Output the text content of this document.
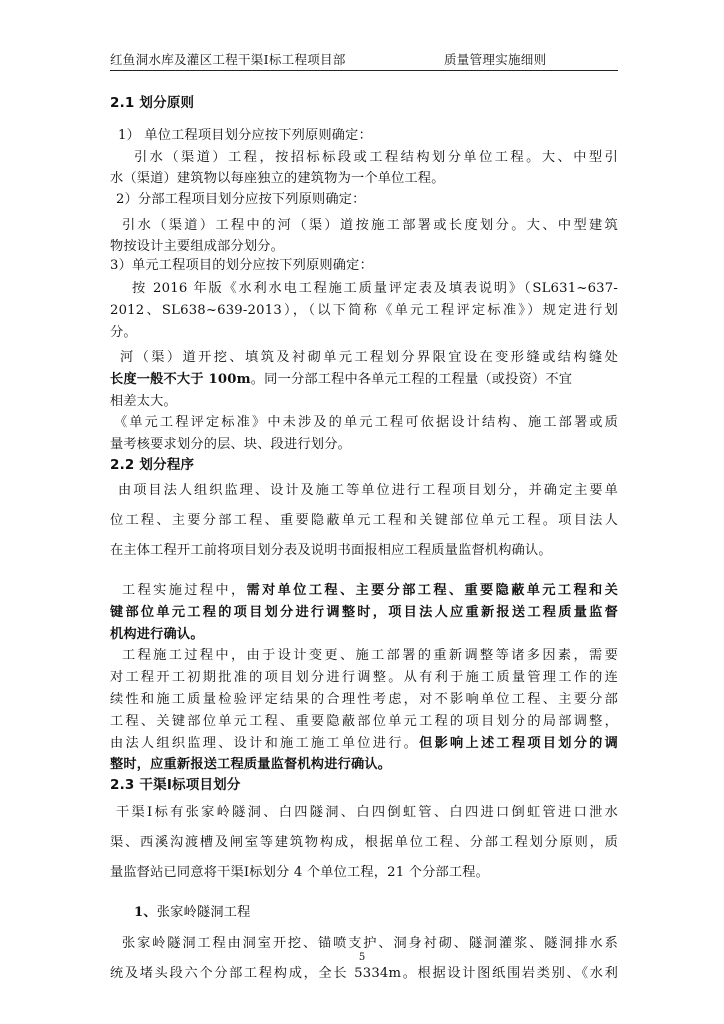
红鱼洞水库及灌区工程干渠Ⅰ标工程项目部	质量管理实施细则
2.1 划分原则
1） 单位工程项目划分应按下列原则确定：
引水（渠道）工程，按招标标段或工程结构划分单位工程。大、中型引
水（渠道）建筑物以每座独立的建筑物为一个单位工程。
2）分部工程项目划分应按下列原则确定：
引水（渠道）工程中的河（渠）道按施工部署或长度划分。大、中型建筑
物按设计主要组成部分划分。
3）单元工程项目的划分应按下列原则确定：
按 2016 年版《水利水电工程施工质量评定表及填表说明》（SL631~637-
2012、SL638~639-2013），（以下简称《单元工程评定标准》）规定进行划
分。
河（渠）道开挖、填筑及衬砌单元工程划分界限宜设在变形缝或结构缝处
长度一般不大于 100m。同一分部工程中各单元工程的工程量（或投资）不宜
相差太大。
《单元工程评定标准》中未涉及的单元工程可依据设计结构、施工部署或质
量考核要求划分的层、块、段进行划分。
2.2 划分程序
由项目法人组织监理、设计及施工等单位进行工程项目划分，并确定主要单
位工程、主要分部工程、重要隐蔽单元工程和关键部位单元工程。项目法人
在主体工程开工前将项目划分表及说明书面报相应工程质量监督机构确认。
工程实施过程中，需对单位工程、主要分部工程、重要隐蔽单元工程和关
键部位单元工程的项目划分进行调整时，项目法人应重新报送工程质量监督
机构进行确认。
工程施工过程中，由于设计变更、施工部署的重新调整等诸多因素，需要
对工程开工初期批准的项目划分进行调整。从有利于施工质量管理工作的连
续性和施工质量检验评定结果的合理性考虑，对不影响单位工程、主要分部
工程、关键部位单元工程、重要隐蔽部位单元工程的项目划分的局部调整，
由法人组织监理、设计和施工施工单位进行。但影响上述工程项目划分的调
整时，应重新报送工程质量监督机构进行确认。
2.3 干渠Ⅰ标项目划分
干渠Ⅰ标有张家岭隧洞、白四隧洞、白四倒虹管、白四进口倒虹管进口泄水
渠、西溪沟渡槽及闸室等建筑物构成，根据单位工程、分部工程划分原则，质
量监督站已同意将干渠Ⅰ标划分 4 个单位工程，21 个分部工程。
1、张家岭隧洞工程
张家岭隧洞工程由洞室开挖、锚喷支护、洞身衬砌、隧洞灌浆、隧洞排水系
统及堵头段六个分部工程构成，全长 5334m。根据设计图纸围岩类别、《水利
5
